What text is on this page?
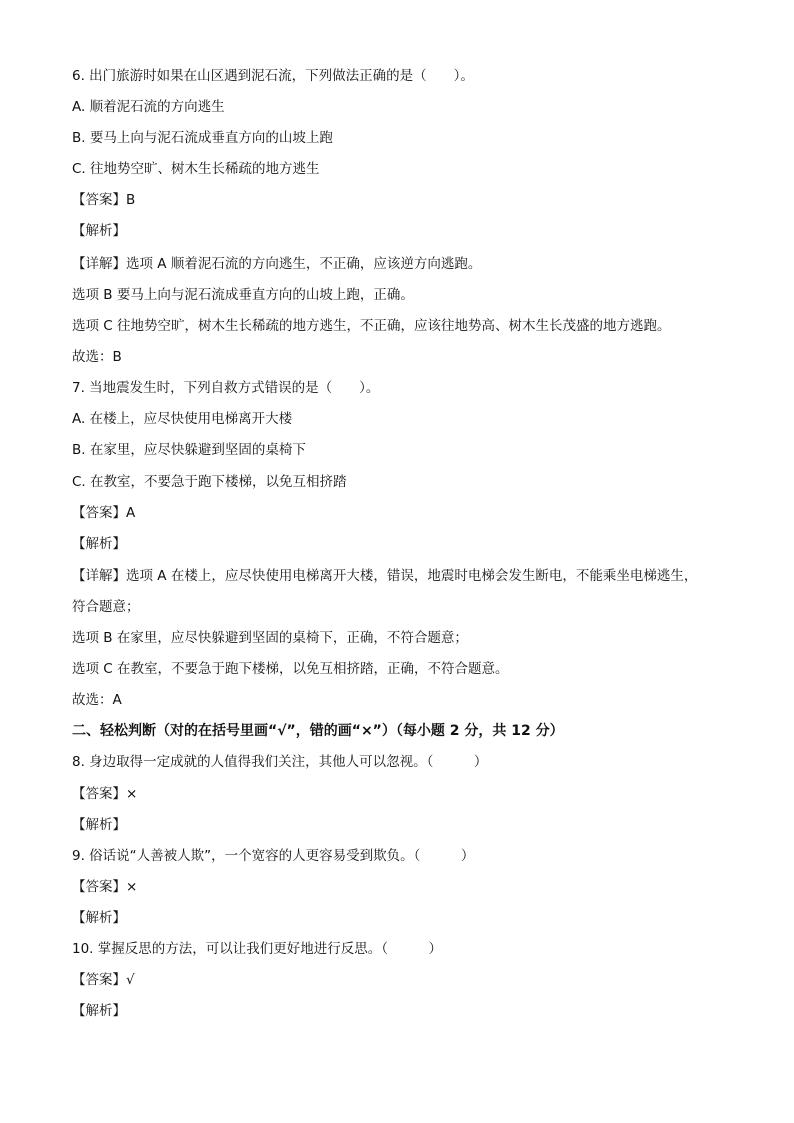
6. 出门旅游时如果在山区遇到泥石流，下列做法正确的是（　　）。
A. 顺着泥石流的方向逃生
B. 要马上向与泥石流成垂直方向的山坡上跑
C. 往地势空旷、树木生长稀疏的地方逃生
【答案】B
【解析】
【详解】选项 A 顺着泥石流的方向逃生，不正确，应该逆方向逃跑。
选项 B 要马上向与泥石流成垂直方向的山坡上跑，正确。
选项 C 往地势空旷，树木生长稀疏的地方逃生，不正确，应该往地势高、树木生长茂盛的地方逃跑。
故选：B
7. 当地震发生时，下列自救方式错误的是（　　）。
A. 在楼上，应尽快使用电梯离开大楼
B. 在家里，应尽快躲避到坚固的桌椅下
C. 在教室，不要急于跑下楼梯，以免互相挤踏
【答案】A
【解析】
【详解】选项 A 在楼上，应尽快使用电梯离开大楼，错误，地震时电梯会发生断电，不能乘坐电梯逃生，
符合题意；
选项 B 在家里，应尽快躲避到坚固的桌椅下，正确，不符合题意；
选项 C 在教室，不要急于跑下楼梯，以免互相挤踏，正确，不符合题意。
故选：A
二、轻松判断（对的在括号里画“√”，错的画“×”）（每小题 2 分，共 12 分）
8. 身边取得一定成就的人值得我们关注，其他人可以忽视。（　　　）
【答案】×
【解析】
9. 俗话说“人善被人欺”，一个宽容的人更容易受到欺负。（　　　）
【答案】×
【解析】
10. 掌握反思的方法，可以让我们更好地进行反思。（　　　）
【答案】√
【解析】
